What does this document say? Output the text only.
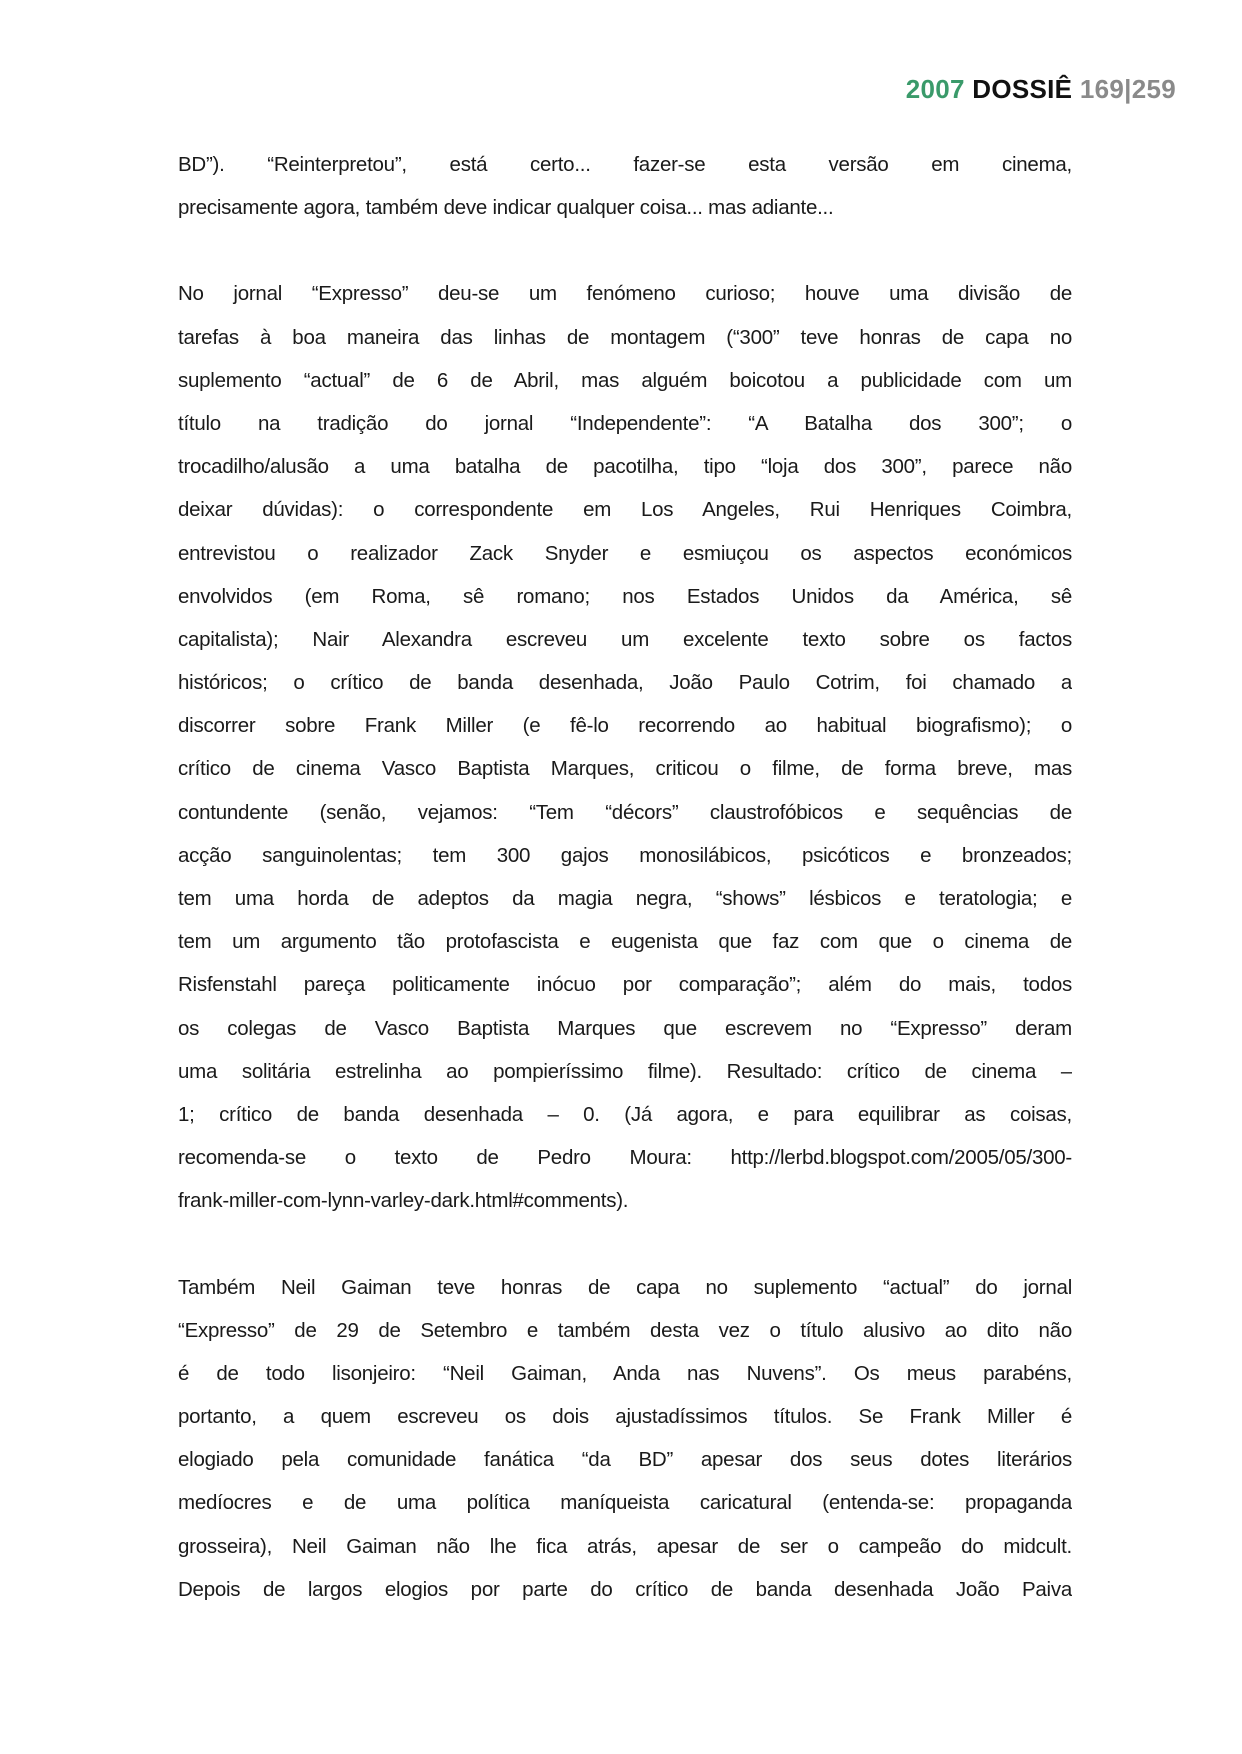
2007 DOSSIÊ 169|259
BD”). “Reinterpretou”, está certo... fazer-se esta versão em cinema,
precisamente agora, também deve indicar qualquer coisa... mas adiante...
No jornal “Expresso” deu-se um fenómeno curioso; houve uma divisão de
tarefas à boa maneira das linhas de montagem (“300” teve honras de capa no
suplemento “actual” de 6 de Abril, mas alguém boicotou a publicidade com um
título na tradição do jornal “Independente”: “A Batalha dos 300”; o
trocadilho/alusão a uma batalha de pacotilha, tipo “loja dos 300”, parece não
deixar dúvidas): o correspondente em Los Angeles, Rui Henriques Coimbra,
entrevistou o realizador Zack Snyder e esmiuçou os aspectos económicos
envolvidos (em Roma, sê romano; nos Estados Unidos da América, sê
capitalista); Nair Alexandra escreveu um excelente texto sobre os factos
históricos; o crítico de banda desenhada, João Paulo Cotrim, foi chamado a
discorrer sobre Frank Miller (e fê-lo recorrendo ao habitual biografismo); o
crítico de cinema Vasco Baptista Marques, criticou o filme, de forma breve, mas
contundente (senão, vejamos: “Tem “décors” claustrofóbicos e sequências de
acção sanguinolentas; tem 300 gajos monosilábicos, psicóticos e bronzeados;
tem uma horda de adeptos da magia negra, “shows” lésbicos e teratologia; e
tem um argumento tão protofascista e eugenista que faz com que o cinema de
Risfenstahl pareça politicamente inócuo por comparação”; além do mais, todos
os colegas de Vasco Baptista Marques que escrevem no “Expresso” deram
uma solitária estrelinha ao pompieríssimo filme). Resultado: crítico de cinema –
1; crítico de banda desenhada – 0. (Já agora, e para equilibrar as coisas,
recomenda-se o texto de Pedro Moura: http://lerbd.blogspot.com/2005/05/300-
frank-miller-com-lynn-varley-dark.html#comments).
Também Neil Gaiman teve honras de capa no suplemento “actual” do jornal
“Expresso” de 29 de Setembro e também desta vez o título alusivo ao dito não
é de todo lisonjeiro: “Neil Gaiman, Anda nas Nuvens”. Os meus parabéns,
portanto, a quem escreveu os dois ajustadíssimos títulos. Se Frank Miller é
elogiado pela comunidade fanática “da BD” apesar dos seus dotes literários
medíocres e de uma política maníqueista caricatural (entenda-se: propaganda
grosseira), Neil Gaiman não lhe fica atrás, apesar de ser o campeão do midcult.
Depois de largos elogios por parte do crítico de banda desenhada João Paiva
